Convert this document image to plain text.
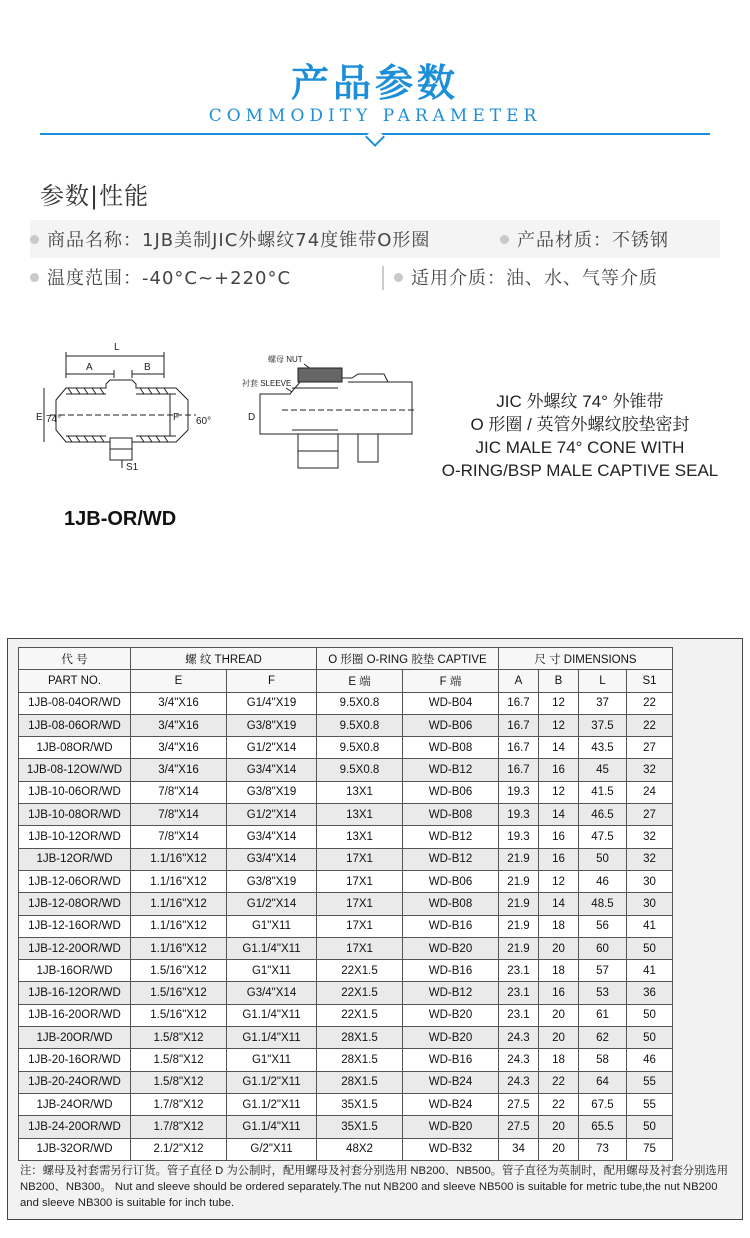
产品参数
COMMODITY PARAMETER
参数|性能
商品名称：1JB美制JIC外螺纹74度锥带O形圈	产品材质：不锈钢
温度范围：-40°C~+220°C	适用介质：油、水、气等介质
L
A	B
E 74°	F 60°
S1
螺母 NUT
衬套 SLEEVE
D
1JB-OR/WD
JIC 外螺纹 74° 外锥带
O 形圈 / 英管外螺纹胶垫密封
JIC MALE 74° CONE WITH
O-RING/BSP MALE CAPTIVE SEAL
代 号	螺 纹 THREAD		O 形圈 O-RING 胶垫 CAPTIVE		尺 寸 DIMENSIONS			
PART NO.	E	F	E 端	F 端	A	B	L	S1
1JB-08-04OR/WD	3/4"X16	G1/4"X19	9.5X0.8	WD-B04	16.7	12	37	22
1JB-08-06OR/WD	3/4"X16	G3/8"X19	9.5X0.8	WD-B06	16.7	12	37.5	22
1JB-08OR/WD	3/4"X16	G1/2"X14	9.5X0.8	WD-B08	16.7	14	43.5	27
1JB-08-12OW/WD	3/4"X16	G3/4"X14	9.5X0.8	WD-B12	16.7	16	45	32
1JB-10-06OR/WD	7/8"X14	G3/8"X19	13X1	WD-B06	19.3	12	41.5	24
1JB-10-08OR/WD	7/8"X14	G1/2"X14	13X1	WD-B08	19.3	14	46.5	27
1JB-10-12OR/WD	7/8"X14	G3/4"X14	13X1	WD-B12	19.3	16	47.5	32
1JB-12OR/WD	1.1/16"X12	G3/4"X14	17X1	WD-B12	21.9	16	50	32
1JB-12-06OR/WD	1.1/16"X12	G3/8"X19	17X1	WD-B06	21.9	12	46	30
1JB-12-08OR/WD	1.1/16"X12	G1/2"X14	17X1	WD-B08	21.9	14	48.5	30
1JB-12-16OR/WD	1.1/16"X12	G1"X11	17X1	WD-B16	21.9	18	56	41
1JB-12-20OR/WD	1.1/16"X12	G1.1/4"X11	17X1	WD-B20	21.9	20	60	50
1JB-16OR/WD	1.5/16"X12	G1"X11	22X1.5	WD-B16	23.1	18	57	41
1JB-16-12OR/WD	1.5/16"X12	G3/4"X14	22X1.5	WD-B12	23.1	16	53	36
1JB-16-20OR/WD	1.5/16"X12	G1.1/4"X11	22X1.5	WD-B20	23.1	20	61	50
1JB-20OR/WD	1.5/8"X12	G1.1/4"X11	28X1.5	WD-B20	24.3	20	62	50
1JB-20-16OR/WD	1.5/8"X12	G1"X11	28X1.5	WD-B16	24.3	18	58	46
1JB-20-24OR/WD	1.5/8"X12	G1.1/2"X11	28X1.5	WD-B24	24.3	22	64	55
1JB-24OR/WD	1.7/8"X12	G1.1/2"X11	35X1.5	WD-B24	27.5	22	67.5	55
1JB-24-20OR/WD	1.7/8"X12	G1.1/4"X11	35X1.5	WD-B20	27.5	20	65.5	50
1JB-32OR/WD	2.1/2"X12	G/2"X11	48X2	WD-B32	34	20	73	75
注：螺母及衬套需另行订货。管子直径 D 为公制时，配用螺母及衬套分别选用 NB200、NB500。管子直径为英制时，配用螺母及衬套分别选用 NB200、NB300。 Nut and sleeve should be ordered separately.The nut NB200 and sleeve NB500 is suitable for metric tube,the nut NB200 and sleeve NB300 is suitable for inch tube.
